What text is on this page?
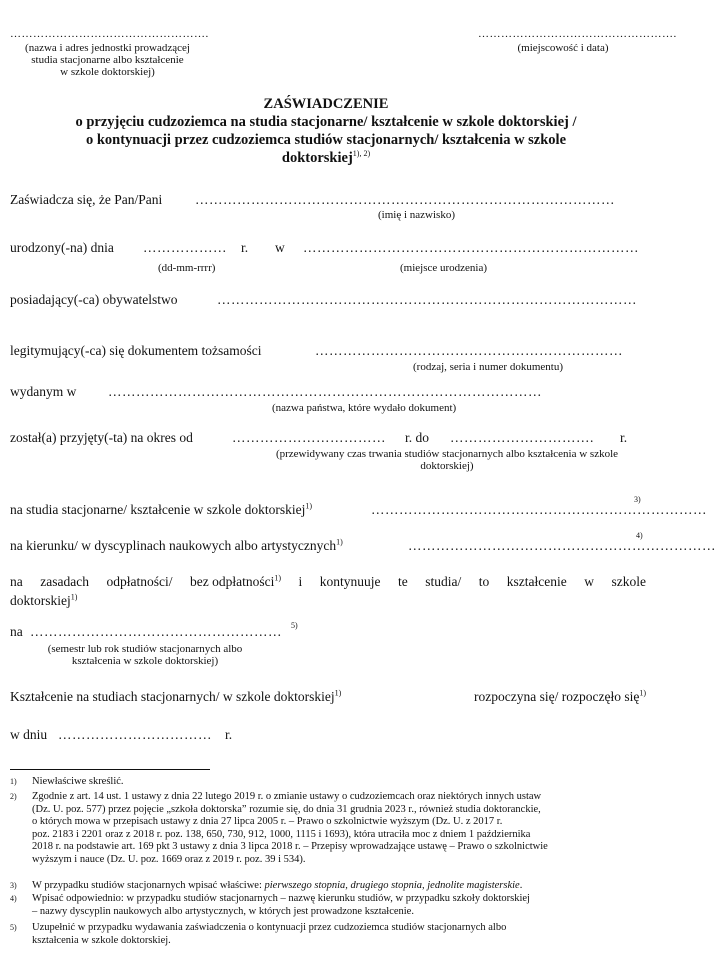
…………………………………………….
(nazwa i adres jednostki prowadzącej
studia stacjonarne albo kształcenie
w szkole doktorskiej)
…………………………………………….
(miejscowość i data)
ZAŚWIADCZENIE
o przyjęciu cudzoziemca na studia stacjonarne/ kształcenie w szkole doktorskiej /
o kontynuacji przez cudzoziemca studiów stacjonarnych/ kształcenia w szkole
doktorskiej$^{1), 2)}$
Zaświadcza się, że Pan/Pani ………………………………………………………………………………
(imię i nazwisko)
urodzony(-na) dnia ………………	r. w ………………………………………………………………
(dd-mm-rrrr)	(miejsce urodzenia)
posiadający(-ca) obywatelstwo	………………………………………………………………………………
legitymujący(-ca) się dokumentem tożsamości	…………………………………………………………
(rodzaj, seria i numer dokumentu)
wydanym w …………………………………………………………………………………
(nazwa państwa, które wydało dokument)
został(a) przyjęty(-ta) na okres od	……………………………	r. do ………………………….	r.
(przewidywany czas trwania studiów stacjonarnych albo kształcenia w szkole
doktorskiej)
na studia stacjonarne/ kształcenie w szkole doktorskiej$^{1)}$	………………………………………………………………
3)
na kierunku/ w dyscyplinach naukowych albo artystycznych$^{1)}$	…………………………………………………………
4)
na zasadach odpłatności/ bez odpłatności$^{1)}$ i kontynuuje te studia/ to kształcenie w szkole
doktorskiej$^{1)}$
na ………………………………………………	5)
(semestr lub rok studiów stacjonarnych albo
kształcenia w szkole doktorskiej)
Kształcenie na studiach stacjonarnych/ w szkole doktorskiej$^{1)}$	rozpoczyna się/ rozpoczęło się$^{1)}$
w dniu …………………………… r.
1) Niewłaściwe skreślić.
2) Zgodnie z art. 14 ust. 1 ustawy z dnia 22 lutego 2019 r. o zmianie ustawy o cudzoziemcach oraz niektórych innych ustaw
(Dz. U. poz. 577) przez pojęcie „szkoła doktorska” rozumie się, do dnia 31 grudnia 2023 r., również studia doktoranckie,
o których mowa w przepisach ustawy z dnia 27 lipca 2005 r. – Prawo o szkolnictwie wyższym (Dz. U. z 2017 r.
poz. 2183 i 2201 oraz z 2018 r. poz. 138, 650, 730, 912, 1000, 1115 i 1693), która utraciła moc z dniem 1 października
2018 r. na podstawie art. 169 pkt 3 ustawy z dnia 3 lipca 2018 r. – Przepisy wprowadzające ustawę – Prawo o szkolnictwie
wyższym i nauce (Dz. U. poz. 1669 oraz z 2019 r. poz. 39 i 534).
3) W przypadku studiów stacjonarnych wpisać właściwe: pierwszego stopnia, drugiego stopnia, jednolite magisterskie.
4) Wpisać odpowiednio: w przypadku studiów stacjonarnych – nazwę kierunku studiów, w przypadku szkoły doktorskiej
– nazwy dyscyplin naukowych albo artystycznych, w których jest prowadzone kształcenie.
5) Uzupełnić w przypadku wydawania zaświadczenia o kontynuacji przez cudzoziemca studiów stacjonarnych albo
kształcenia w szkole doktorskiej.
